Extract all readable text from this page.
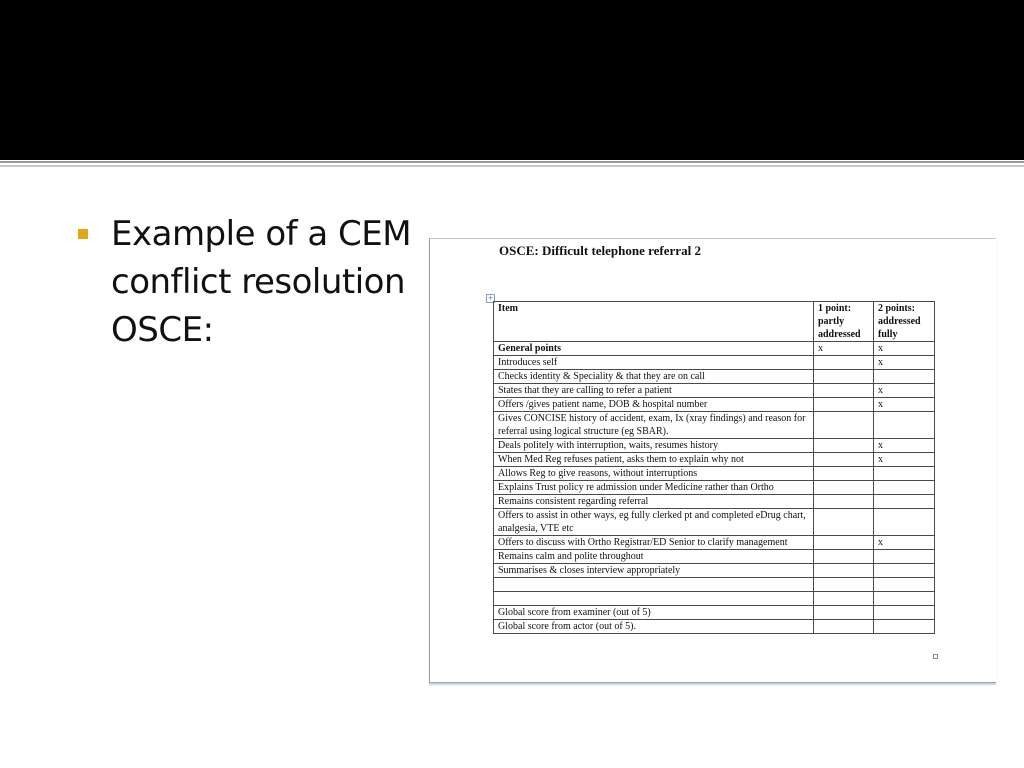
Example of a CEM conflict resolution OSCE:

OSCE: Difficult telephone referral 2

+
Item	1 point: partly addressed	2 points: addressed fully
General points	x	x
Introduces self		x
Checks identity & Speciality & that they are on call		
States that they are calling to refer a patient		x
Offers /gives patient name, DOB & hospital number		x
Gives CONCISE history of accident, exam, Ix (xray findings) and reason for referral using logical structure (eg SBAR).		
Deals politely with interruption, waits, resumes history		x
When Med Reg refuses patient, asks them to explain why not		x
Allows Reg to give reasons, without interruptions		
Explains Trust policy re admission under Medicine rather than Ortho		
Remains consistent regarding referral		
Offers to assist in other ways, eg fully clerked pt and completed eDrug chart, analgesia, VTE etc		
Offers to discuss with Ortho Registrar/ED Senior to clarify management		x
Remains calm and polite throughout		
Summarises & closes interview appropriately		

Global score from examiner (out of 5)		
Global score from actor (out of 5).		
